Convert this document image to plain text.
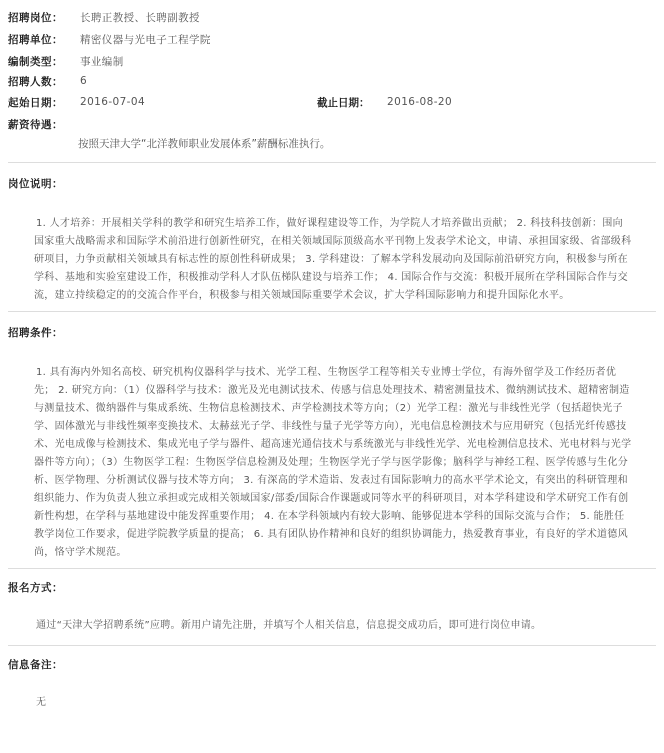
招聘岗位：	长聘正教授、长聘副教授
招聘单位：	精密仪器与光电子工程学院
编制类型：	事业编制
招聘人数：	6
起始日期：	2016-07-04	截止日期：	2016-08-20
薪资待遇：
按照天津大学“北洋教师职业发展体系”薪酬标准执行。
岗位说明：
1. 人才培养：开展相关学科的教学和研究生培养工作，做好课程建设等工作，为学院人才培养做出贡献； 2. 科技科技创新：围向国家重大战略需求和国际学术前沿进行创新性研究，在相关领域国际顶级高水平刊物上发表学术论文，申请、承担国家级、省部级科研项目，力争贡献相关领域具有标志性的原创性科研成果； 3. 学科建设：了解本学科发展动向及国际前沿研究方向，积极参与所在学科、基地和实验室建设工作，积极推动学科人才队伍梯队建设与培养工作； 4. 国际合作与交流：积极开展所在学科国际合作与交流，建立持续稳定的的交流合作平台，积极参与相关领域国际重要学术会议，扩大学科国际影响力和提升国际化水平。
招聘条件：
1. 具有海内外知名高校、研究机构仪器科学与技术、光学工程、生物医学工程等相关专业博士学位，有海外留学及工作经历者优先； 2. 研究方向：（1）仪器科学与技术：激光及光电测试技术、传感与信息处理技术、精密测量技术、微纳测试技术、超精密制造与测量技术、微纳器件与集成系统、生物信息检测技术、声学检测技术等方向；（2）光学工程：激光与非线性光学（包括超快光子学、固体激光与非线性频率变换技术、太赫兹光子学、非线性与量子光学等方向），光电信息检测技术与应用研究（包括光纤传感技术、光电成像与检测技术、集成光电子学与器件、超高速光通信技术与系统激光与非线性光学、光电检测信息技术、光电材料与光学器件等方向）；（3）生物医学工程：生物医学信息检测及处理；生物医学光子学与医学影像；脑科学与神经工程、医学传感与生化分析、医学物理、分析测试仪器与技术等方向； 3. 有深高的学术造诣、发表过有国际影响力的高水平学术论文，有突出的科研管理和组织能力、作为负责人独立承担或完成相关领域国家/部委/国际合作课题或同等水平的科研项目，对本学科建设和学术研究工作有创新性构想，在学科与基地建设中能发挥重要作用； 4. 在本学科领域内有较大影响、能够促进本学科的国际交流与合作； 5. 能胜任教学岗位工作要求，促进学院教学质量的提高； 6. 具有团队协作精神和良好的组织协调能力，热爱教育事业，有良好的学术道德风尚，恪守学术规范。
报名方式：
通过“天津大学招聘系统”应聘。新用户请先注册，并填写个人相关信息，信息提交成功后，即可进行岗位申请。
信息备注：
无
